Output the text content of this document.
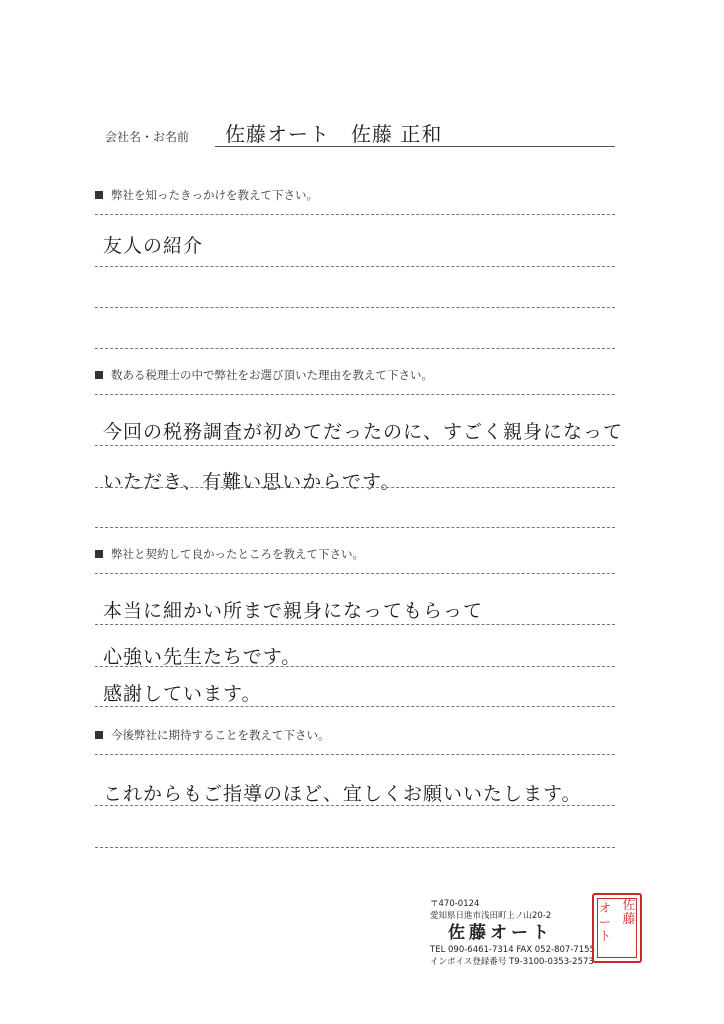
会社名・お名前 佐藤オート　佐藤 正和
弊社を知ったきっかけを教えて下さい。
友人の紹介
数ある税理士の中で弊社をお選び頂いた理由を教えて下さい。
今回の税務調査が初めてだったのに、すごく親身になって
いただき、有難い思いからです。
弊社と契約して良かったところを教えて下さい。
本当に細かい所まで親身になってもらって
心強い先生たちです。
感謝しています。
今後弊社に期待することを教えて下さい。
これからもご指導のほど、宜しくお願いいたします。
〒470-0124
愛知県日進市浅田町上ノ山20-2
佐藤オート
TEL 090-6461-7314 FAX 052-807-7155
インボイス登録番号 T9-3100-0353-2573
佐
藤
オ
ー
ト
